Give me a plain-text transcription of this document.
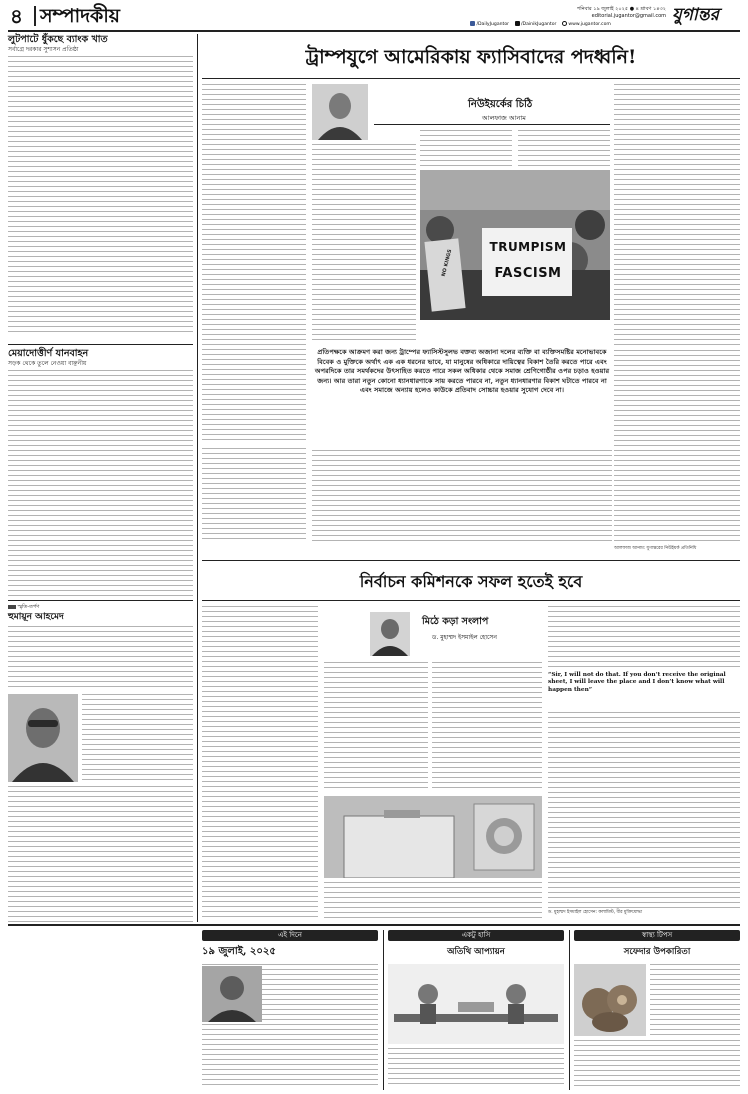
৪ সম্পাদকীয়	শনিবার ১৯ জুলাই ২০২৫ ● ৪ শ্রাবণ ১৪৩২
editorial.jugantor@gmail.com
/DailyJugantor	/DainikJugantor	www.jugantor.com	যুগান্তর
লুটপাটে ধুঁকছে ব্যাংক খাত
সর্বাগ্রে দরকার সুশাসন প্রতিষ্ঠা
মেয়াদোত্তীর্ণ যানবাহন
সড়ক থেকে তুলে নেওয়া বাঞ্ছনীয়
স্মৃতি-তর্পণ
হুমায়ূন আহমেদ
ট্রাম্পযুগে আমেরিকায় ফ্যাসিবাদের পদধ্বনি!
নিউইয়র্কের চিঠি
আলফাজ আনাম
TRUMPISM
FASCISM
NO KINGS
প্রতিপক্ষকে আক্রমণ করা জন্য ট্রাম্পের ফ্যাসিস্টসুলভ বক্তব্য অজানা দলের ব্যক্তি বা ব্যক্তিসমষ্টির মনোভাবকে বিবেক ও মুক্তিকে অর্থাৎ এক এক ধরনের ভাবে, যা মানুষের অধিকারে দায়িত্বের বিকাশ তৈরি করতে পারে এবং অপরদিকে তার সমর্থকদের উৎসাহিত করতে পারে সকল অধিকার থেকে সমাজ শ্রেণিগোষ্ঠীর ওপর চড়াও হওয়ার জন্য। আর তারা নতুন কোনো ধ্যানধারণাকে সায় করতে পারবে না, নতুন ধ্যানধারণার বিকাশ ঘটাতে পারবে না এবং সমাজে অন্যায় হলেও কাউকে প্রতিবাদ সোচ্চার হওয়ার সুযোগ দেবে না।
আলফাজ আনাম: যুগান্তরের নিউইয়র্ক প্রতিনিধি
নির্বাচন কমিশনকে সফল হতেই হবে
মিঠে কড়া সংলাপ
ড. মুহাম্মদ ইসমাইল হোসেন
“Sir, I will not do that. If you don’t receive the original sheet, I will leave the place and I don’t know what will happen then”
ড. মুহাম্মদ ইসমাইল হোসেন: কলামিস্ট, বীর মুক্তিযোদ্ধা
এই দিনে
১৯ জুলাই, ২০২৫
একটু হাসি
অতিথি আপ্যায়ন
স্বাস্থ্য টিপস
সফেদার উপকারিতা
